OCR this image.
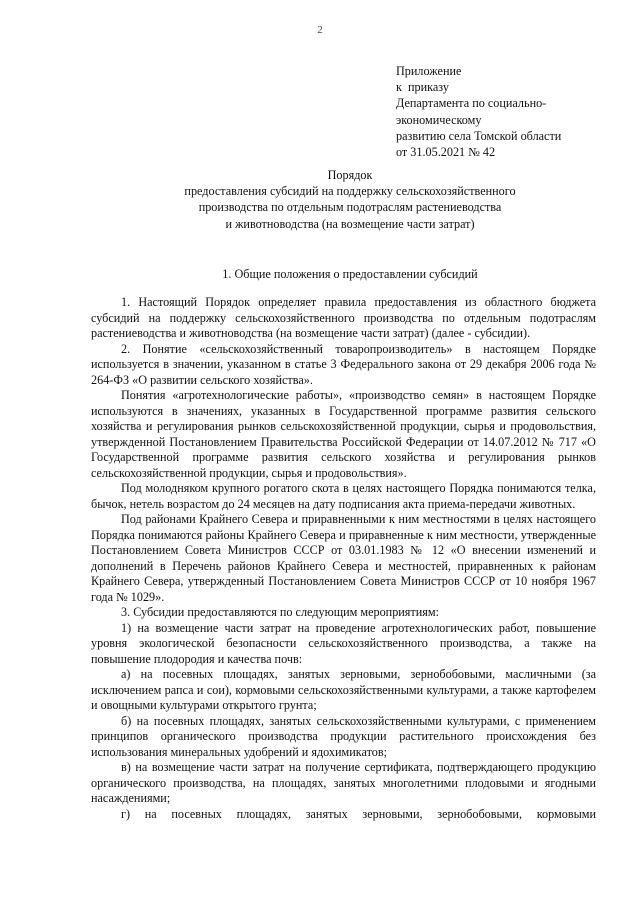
2
Приложение
к  приказу
Департамента по социально-
экономическому
развитию села Томской области
от 31.05.2021 № 42
Порядок
предоставления субсидий на поддержку сельскохозяйственного
производства по отдельным подотраслям растениеводства
и животноводства (на возмещение части затрат)
1. Общие положения о предоставлении субсидий

1. Настоящий Порядок определяет правила предоставления из областного бюджета субсидий на поддержку сельскохозяйственного производства по отдельным подотраслям растениеводства и животноводства (на возмещение части затрат) (далее - субсидии).

2. Понятие «сельскохозяйственный товаропроизводитель» в настоящем Порядке используется в значении, указанном в статье 3 Федерального закона от 29 декабря 2006 года № 264-ФЗ «О развитии сельского хозяйства».

Понятия «агротехнологические работы», «производство семян» в настоящем Порядке используются в значениях, указанных в Государственной программе развития сельского хозяйства и регулирования рынков сельскохозяйственной продукции, сырья и продовольствия, утвержденной Постановлением Правительства Российской Федерации от 14.07.2012 № 717 «О Государственной программе развития сельского хозяйства и регулирования рынков сельскохозяйственной продукции, сырья и продовольствия».

Под молодняком крупного рогатого скота в целях настоящего Порядка понимаются телка, бычок, нетель возрастом до 24 месяцев на дату подписания акта приема-передачи животных.

Под районами Крайнего Севера и приравненными к ним местностями в целях настоящего Порядка понимаются районы Крайнего Севера и приравненные к ним местности, утвержденные Постановлением Совета Министров СССР от 03.01.1983 № 12 «О внесении изменений и дополнений в Перечень районов Крайнего Севера и местностей, приравненных к районам Крайнего Севера, утвержденный Постановлением Совета Министров СССР от 10 ноября 1967 года № 1029».

3. Субсидии предоставляются по следующим мероприятиям:

1) на возмещение части затрат на проведение агротехнологических работ, повышение уровня экологической безопасности сельскохозяйственного производства, а также на повышение плодородия и качества почв:

а) на посевных площадях, занятых зерновыми, зернобобовыми, масличными (за исключением рапса и сои), кормовыми сельскохозяйственными культурами, а также картофелем и овощными культурами открытого грунта;

б) на посевных площадях, занятых сельскохозяйственными культурами, с применением принципов органического производства продукции растительного происхождения без использования минеральных удобрений и ядохимикатов;

в) на возмещение части затрат на получение сертификата, подтверждающего продукцию органического производства, на площадях, занятых многолетними плодовыми и ягодными насаждениями;

г) на посевных площадях, занятых зерновыми, зернобобовыми, кормовыми
